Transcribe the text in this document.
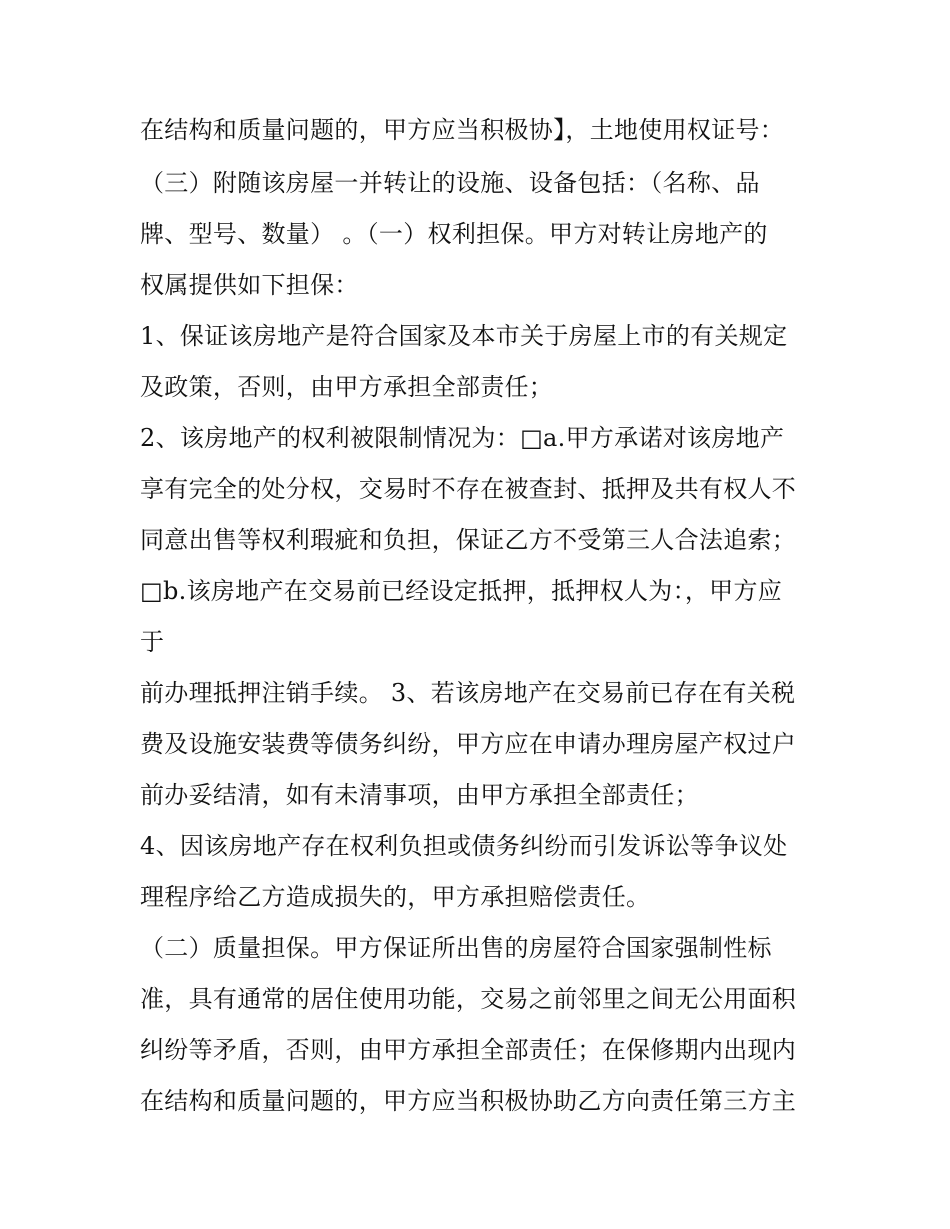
在结构和质量问题的，甲方应当积极协】，土地使用权证号：
（三）附随该房屋一并转让的设施、设备包括：（名称、品
牌、型号、数量） 。（一）权利担保。甲方对转让房地产的
权属提供如下担保：
1、保证该房地产是符合国家及本市关于房屋上市的有关规定
及政策，否则，由甲方承担全部责任；
2、该房地产的权利被限制情况为：□a.甲方承诺对该房地产
享有完全的处分权，交易时不存在被查封、抵押及共有权人不
同意出售等权利瑕疵和负担，保证乙方不受第三人合法追索；
□b.该房地产在交易前已经设定抵押，抵押权人为：，甲方应
于
前办理抵押注销手续。 3、若该房地产在交易前已存在有关税
费及设施安装费等债务纠纷，甲方应在申请办理房屋产权过户
前办妥结清，如有未清事项，由甲方承担全部责任；
4、因该房地产存在权利负担或债务纠纷而引发诉讼等争议处
理程序给乙方造成损失的，甲方承担赔偿责任。
（二）质量担保。甲方保证所出售的房屋符合国家强制性标
准，具有通常的居住使用功能，交易之前邻里之间无公用面积
纠纷等矛盾，否则，由甲方承担全部责任；在保修期内出现内
在结构和质量问题的，甲方应当积极协助乙方向责任第三方主
